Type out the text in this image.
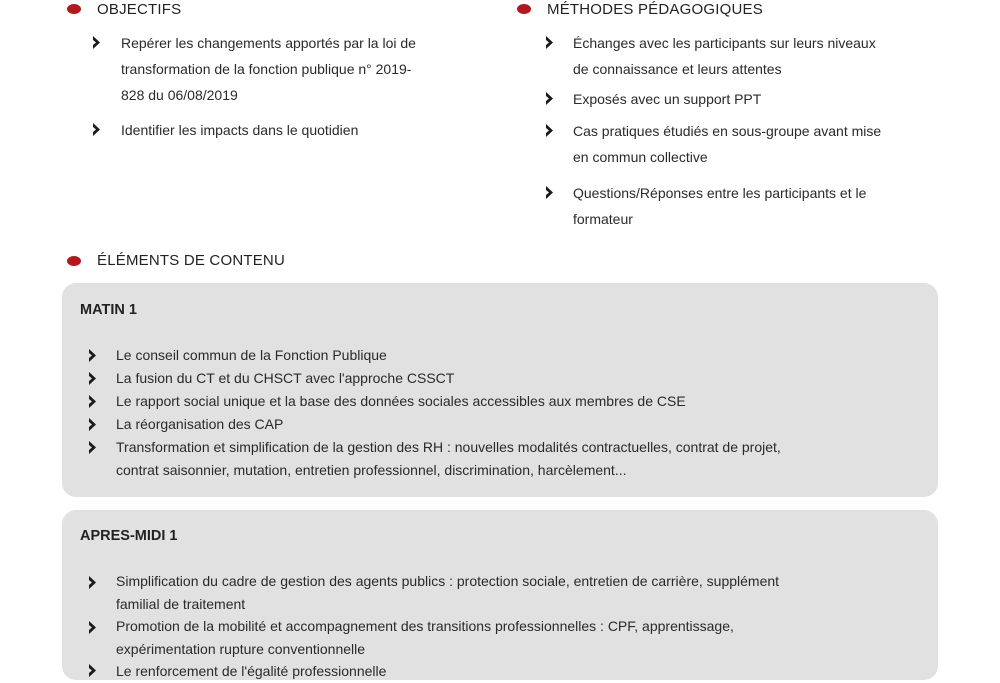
OBJECTIFS
Repérer les changements apportés par la loi de
transformation de la fonction publique n° 2019-
828 du 06/08/2019
Identifier les impacts dans le quotidien
MÉTHODES PÉDAGOGIQUES
Échanges avec les participants sur leurs niveaux
de connaissance et leurs attentes
Exposés avec un support PPT
Cas pratiques étudiés en sous-groupe avant mise
en commun collective
Questions/Réponses entre les participants et le
formateur
ÉLÉMENTS DE CONTENU
MATIN 1
Le conseil commun de la Fonction Publique
La fusion du CT et du CHSCT avec l'approche CSSCT
Le rapport social unique et la base des données sociales accessibles aux membres de CSE
La réorganisation des CAP
Transformation et simplification de la gestion des RH : nouvelles modalités contractuelles, contrat de projet,
contrat saisonnier, mutation, entretien professionnel, discrimination, harcèlement...
APRES-MIDI 1
Simplification du cadre de gestion des agents publics : protection sociale, entretien de carrière, supplément
familial de traitement
Promotion de la mobilité et accompagnement des transitions professionnelles : CPF, apprentissage,
expérimentation rupture conventionnelle
Le renforcement de l'égalité professionnelle
